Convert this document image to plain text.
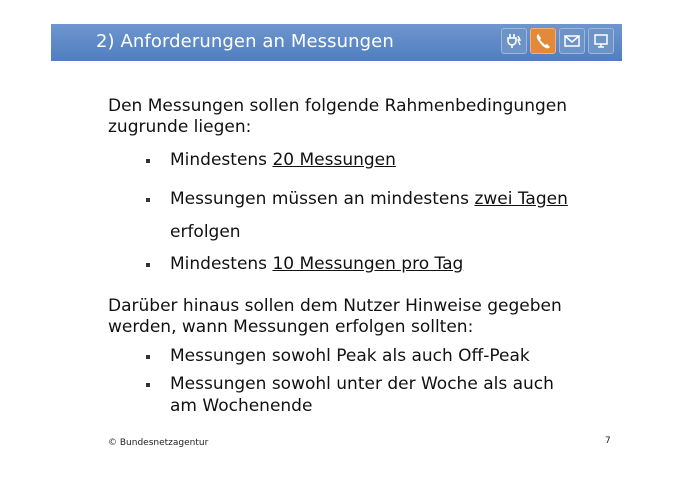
2) Anforderungen an Messungen
Den Messungen sollen folgende Rahmenbedingungen zugrunde liegen:
Mindestens 20 Messungen
Messungen müssen an mindestens zwei Tagen
erfolgen
Mindestens 10 Messungen pro Tag
Darüber hinaus sollen dem Nutzer Hinweise gegeben werden, wann Messungen erfolgen sollten:
Messungen sowohl Peak als auch Off-Peak
Messungen sowohl unter der Woche als auch
am Wochenende
© Bundesnetzagentur	7
